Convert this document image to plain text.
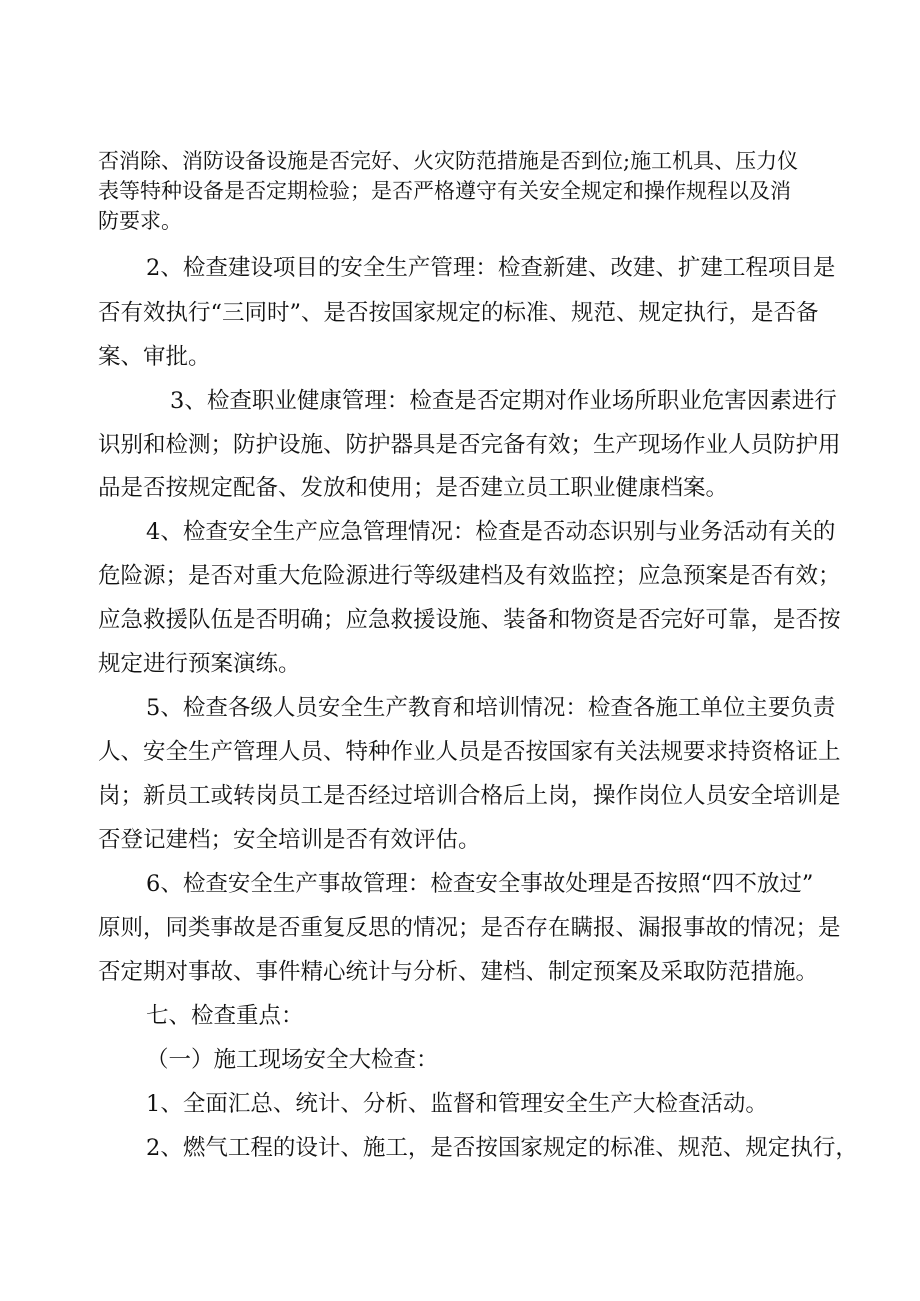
否消除、消防设备设施是否完好、火灾防范措施是否到位;施工机具、压力仪
表等特种设备是否定期检验；是否严格遵守有关安全规定和操作规程以及消
防要求。
2、检查建设项目的安全生产管理：检查新建、改建、扩建工程项目是
否有效执行“三同时”、是否按国家规定的标准、规范、规定执行，是否备
案、审批。
3、检查职业健康管理：检查是否定期对作业场所职业危害因素进行
识别和检测；防护设施、防护器具是否完备有效；生产现场作业人员防护用
品是否按规定配备、发放和使用；是否建立员工职业健康档案。
4、检查安全生产应急管理情况：检查是否动态识别与业务活动有关的
危险源；是否对重大危险源进行等级建档及有效监控；应急预案是否有效；
应急救援队伍是否明确；应急救援设施、装备和物资是否完好可靠，是否按
规定进行预案演练。
5、检查各级人员安全生产教育和培训情况：检查各施工单位主要负责
人、安全生产管理人员、特种作业人员是否按国家有关法规要求持资格证上
岗；新员工或转岗员工是否经过培训合格后上岗，操作岗位人员安全培训是
否登记建档；安全培训是否有效评估。
6、检查安全生产事故管理：检查安全事故处理是否按照“四不放过”
原则，同类事故是否重复反思的情况；是否存在瞒报、漏报事故的情况；是
否定期对事故、事件精心统计与分析、建档、制定预案及采取防范措施。
七、检查重点：
（一）施工现场安全大检查：
1、全面汇总、统计、分析、监督和管理安全生产大检查活动。
2、燃气工程的设计、施工，是否按国家规定的标准、规范、规定执行，
